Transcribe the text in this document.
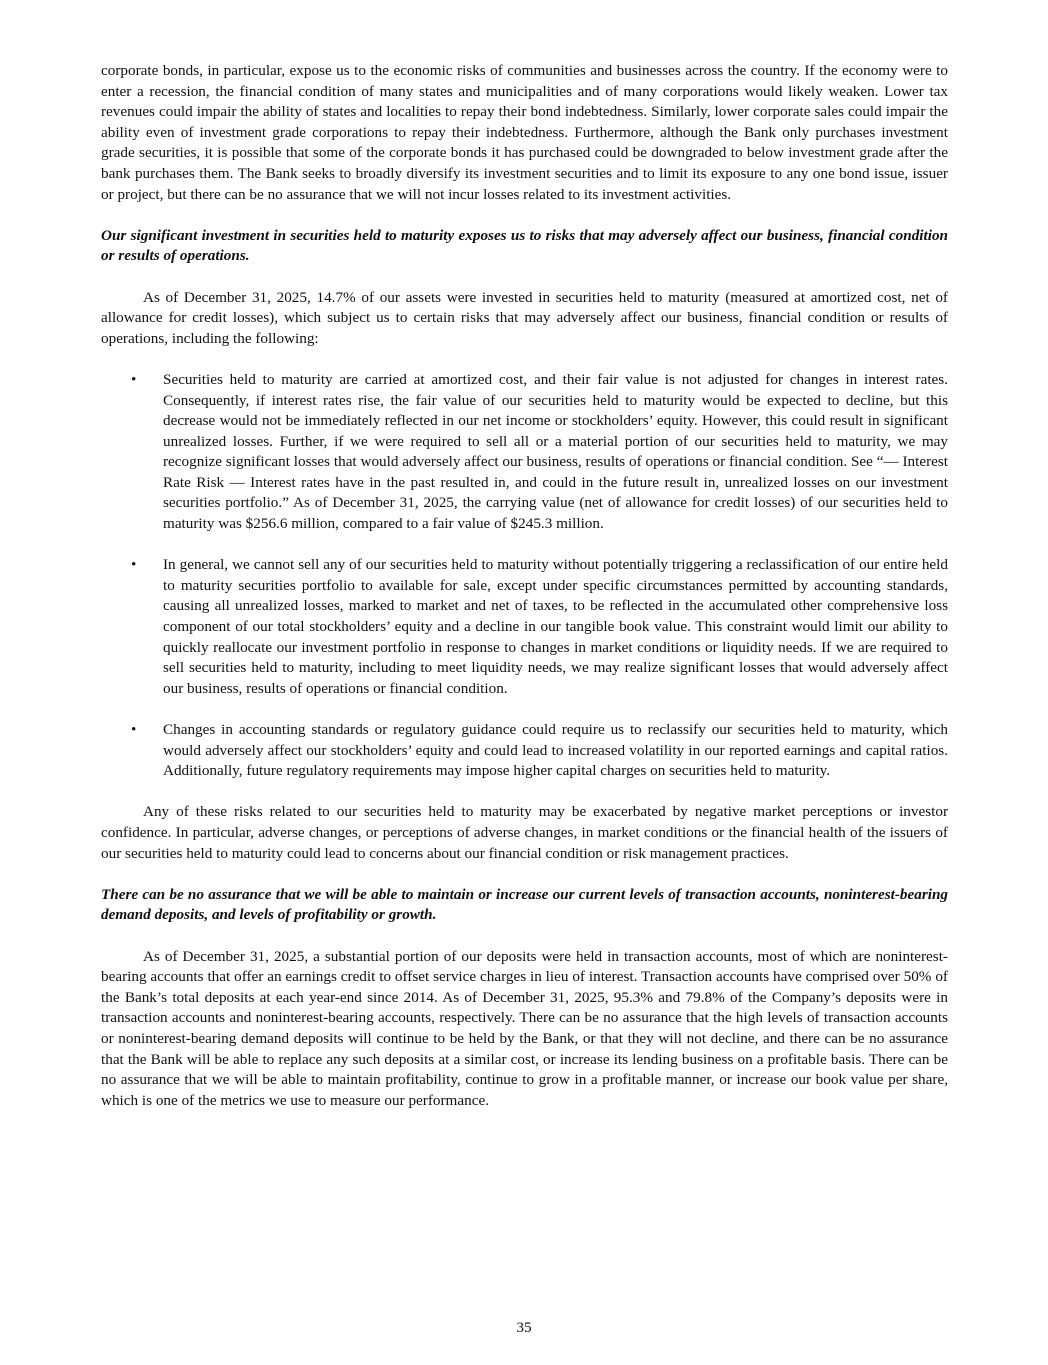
corporate bonds, in particular, expose us to the economic risks of communities and businesses across the country. If the economy were to enter a recession, the financial condition of many states and municipalities and of many corporations would likely weaken. Lower tax revenues could impair the ability of states and localities to repay their bond indebtedness. Similarly, lower corporate sales could impair the ability even of investment grade corporations to repay their indebtedness. Furthermore, although the Bank only purchases investment grade securities, it is possible that some of the corporate bonds it has purchased could be downgraded to below investment grade after the bank purchases them. The Bank seeks to broadly diversify its investment securities and to limit its exposure to any one bond issue, issuer or project, but there can be no assurance that we will not incur losses related to its investment activities.

Our significant investment in securities held to maturity exposes us to risks that may adversely affect our business, financial condition or results of operations.

As of December 31, 2025, 14.7% of our assets were invested in securities held to maturity (measured at amortized cost, net of allowance for credit losses), which subject us to certain risks that may adversely affect our business, financial condition or results of operations, including the following:

• Securities held to maturity are carried at amortized cost, and their fair value is not adjusted for changes in interest rates. Consequently, if interest rates rise, the fair value of our securities held to maturity would be expected to decline, but this decrease would not be immediately reflected in our net income or stockholders’ equity. However, this could result in significant unrealized losses. Further, if we were required to sell all or a material portion of our securities held to maturity, we may recognize significant losses that would adversely affect our business, results of operations or financial condition. See “— Interest Rate Risk — Interest rates have in the past resulted in, and could in the future result in, unrealized losses on our investment securities portfolio.” As of December 31, 2025, the carrying value (net of allowance for credit losses) of our securities held to maturity was $256.6 million, compared to a fair value of $245.3 million.

• In general, we cannot sell any of our securities held to maturity without potentially triggering a reclassification of our entire held to maturity securities portfolio to available for sale, except under specific circumstances permitted by accounting standards, causing all unrealized losses, marked to market and net of taxes, to be reflected in the accumulated other comprehensive loss component of our total stockholders’ equity and a decline in our tangible book value. This constraint would limit our ability to quickly reallocate our investment portfolio in response to changes in market conditions or liquidity needs. If we are required to sell securities held to maturity, including to meet liquidity needs, we may realize significant losses that would adversely affect our business, results of operations or financial condition.

• Changes in accounting standards or regulatory guidance could require us to reclassify our securities held to maturity, which would adversely affect our stockholders’ equity and could lead to increased volatility in our reported earnings and capital ratios. Additionally, future regulatory requirements may impose higher capital charges on securities held to maturity.

Any of these risks related to our securities held to maturity may be exacerbated by negative market perceptions or investor confidence. In particular, adverse changes, or perceptions of adverse changes, in market conditions or the financial health of the issuers of our securities held to maturity could lead to concerns about our financial condition or risk management practices.

There can be no assurance that we will be able to maintain or increase our current levels of transaction accounts, noninterest-bearing demand deposits, and levels of profitability or growth.

As of December 31, 2025, a substantial portion of our deposits were held in transaction accounts, most of which are noninterest-bearing accounts that offer an earnings credit to offset service charges in lieu of interest. Transaction accounts have comprised over 50% of the Bank’s total deposits at each year-end since 2014. As of December 31, 2025, 95.3% and 79.8% of the Company’s deposits were in transaction accounts and noninterest-bearing accounts, respectively. There can be no assurance that the high levels of transaction accounts or noninterest-bearing demand deposits will continue to be held by the Bank, or that they will not decline, and there can be no assurance that the Bank will be able to replace any such deposits at a similar cost, or increase its lending business on a profitable basis. There can be no assurance that we will be able to maintain profitability, continue to grow in a profitable manner, or increase our book value per share, which is one of the metrics we use to measure our performance.

35
